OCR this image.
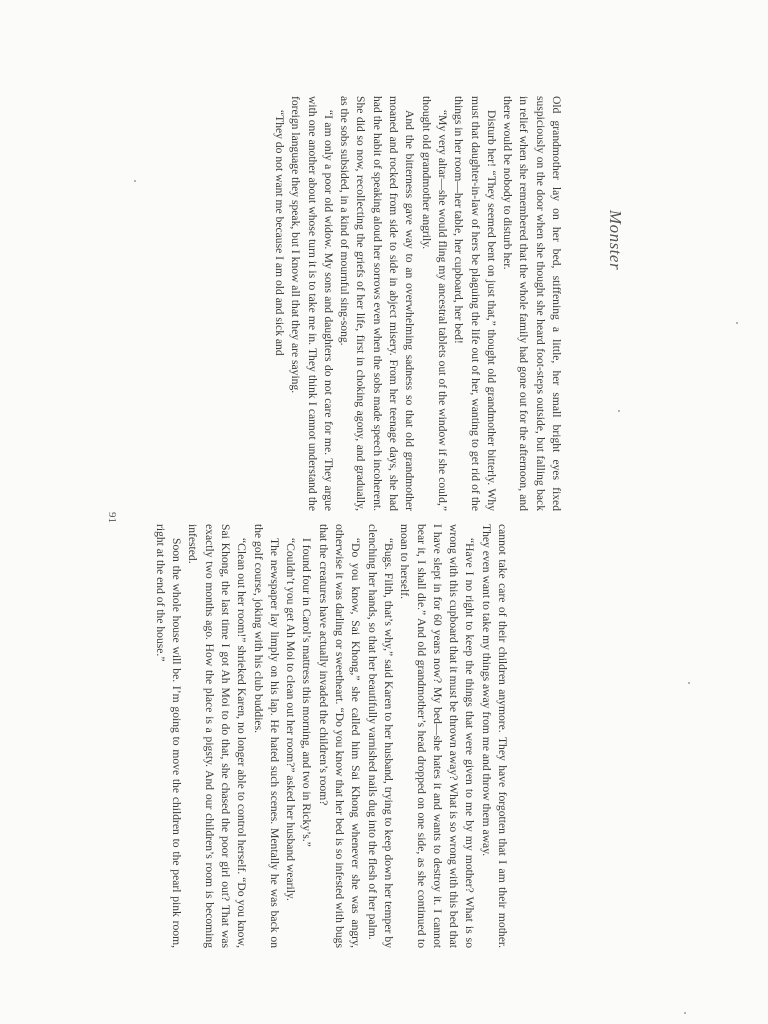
Monster

Old grandmother lay on her bed, stiffening a little, her small bright eyes fixed suspiciously on the door when she thought she heard foot-steps outside, but falling back in relief when she remembered that the whole family had gone out for the afternoon, and there would be nobody to disturb her.

Disturb her! “They seemed bent on just that,” thought old grandmother bitterly. Why must that daughter-in-law of hers be plaguing the life out of her, wanting to get rid of the things in her room—her table, her cupboard, her bed!

“My very altar—she would fling my ancestral tablets out of the window if she could,” thought old grandmother angrily.

And the bitterness gave way to an overwhelming sadness so that old grandmother moaned and rocked from side to side in abject misery. From her teenage days, she had had the habit of speaking aloud her sorrows even when the sobs made speech incoherent. She did so now, recollecting the griefs of her life, first in choking agony, and gradually, as the sobs subsided, in a kind of mournful sing-song.

“I am only a poor old widow. My sons and daughters do not care for me. They argue with one another about whose turn it is to take me in. They think I cannot understand the foreign language they speak, but I know all that they are saying.

“They do not want me because I am old and sick and

91

cannot take care of their children anymore. They have forgotten that I am their mother. They even want to take my things away from me and throw them away.

“Have I no right to keep the things that were given to me by my mother? What is so wrong with this cupboard that it must be thrown away? What is so wrong with this bed that I have slept in for 60 years now? My bed—she hates it and wants to destroy it. I cannot bear it, I shall die.” And old grandmother’s head dropped on one side, as she continued to moan to herself.

“Bugs. Filth, that’s why,” said Karen to her husband, trying to keep down her temper by clenching her hands, so that her beautifully varnished nails dug into the flesh of her palm.

“Do you know, Sai Khong,” she called him Sai Khong whenever she was angry, otherwise it was darling or sweetheart. “Do you know that her bed is so infested with bugs that the creatures have actually invaded the children’s room?

I found four in Carol’s mattress this morning, and two in Ricky’s.”

“Couldn’t you get Ah Moi to clean out her room?” asked her husband wearily.

The newspaper lay limply on his lap. He hated such scenes. Mentally he was back on the golf course, joking with his club buddies.

“Clean out her room!” shrieked Karen, no longer able to control herself. “Do you know, Sai Khong, the last time I got Ah Moi to do that, she chased the poor girl out? That was exactly two months ago. How the place is a pigsty. And our children’s room is becoming infested.

Soon the whole house will be. I’m going to move the children to the pearl pink room, right at the end of the house.”
